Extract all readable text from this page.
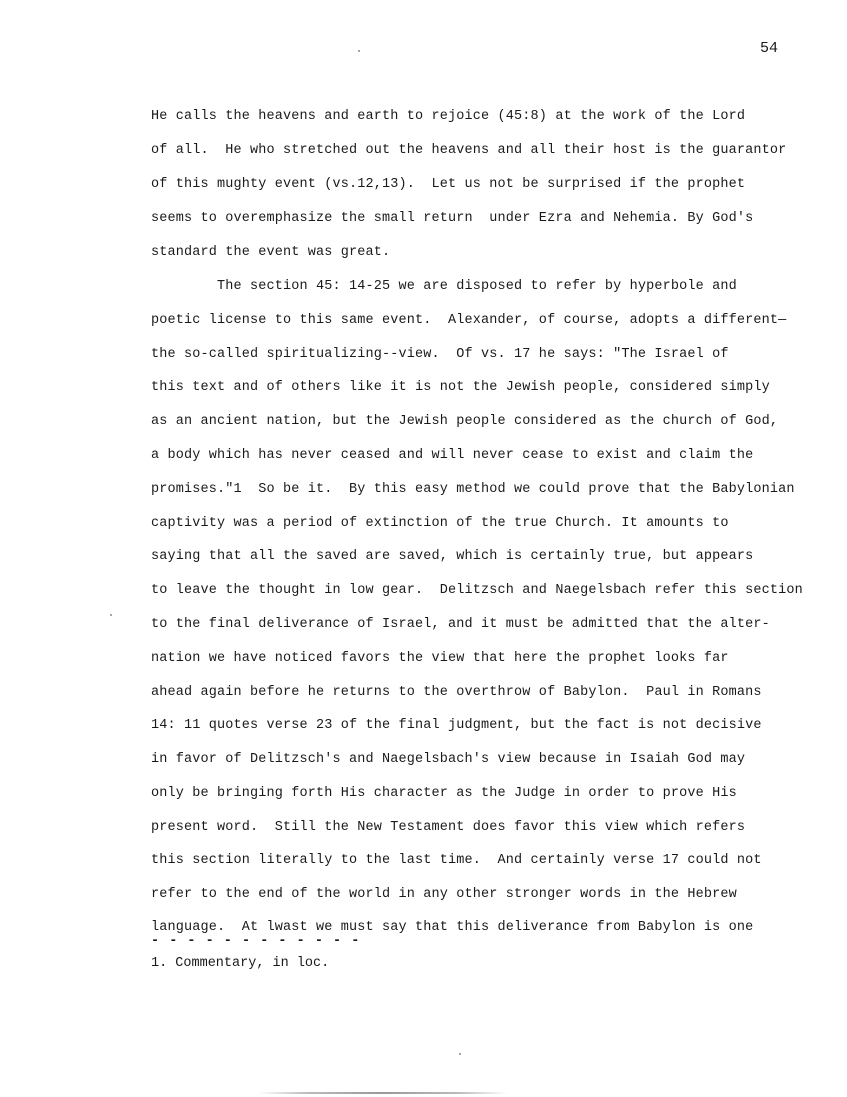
54
He calls the heavens and earth to rejoice (45:8) at the work of the Lord
of all.  He who stretched out the heavens and all their host is the guarantor
of this mughty event (vs.12,13).  Let us not be surprised if the prophet
seems to overemphasize the small return  under Ezra and Nehemia. By God's
standard the event was great.
The section 45: 14-25 we are disposed to refer by hyperbole and
poetic license to this same event.  Alexander, of course, adopts a different—
the so-called spiritualizing--view.  Of vs. 17 he says: "The Israel of
this text and of others like it is not the Jewish people, considered simply
as an ancient nation, but the Jewish people considered as the church of God,
a body which has never ceased and will never cease to exist and claim the
promises."1  So be it.  By this easy method we could prove that the Babylonian
captivity was a period of extinction of the true Church. It amounts to
saying that all the saved are saved, which is certainly true, but appears
to leave the thought in low gear.  Delitzsch and Naegelsbach refer this section
to the final deliverance of Israel, and it must be admitted that the alter-
nation we have noticed favors the view that here the prophet looks far
ahead again before he returns to the overthrow of Babylon.  Paul in Romans
14: 11 quotes verse 23 of the final judgment, but the fact is not decisive
in favor of Delitzsch's and Naegelsbach's view because in Isaiah God may
only be bringing forth His character as the Judge in order to prove His
present word.  Still the New Testament does favor this view which refers
this section literally to the last time.  And certainly verse 17 could not
refer to the end of the world in any other stronger words in the Hebrew
language.  At lwast we must say that this deliverance from Babylon is one
- - - - - - - - - - - -
1. Commentary, in loc.
